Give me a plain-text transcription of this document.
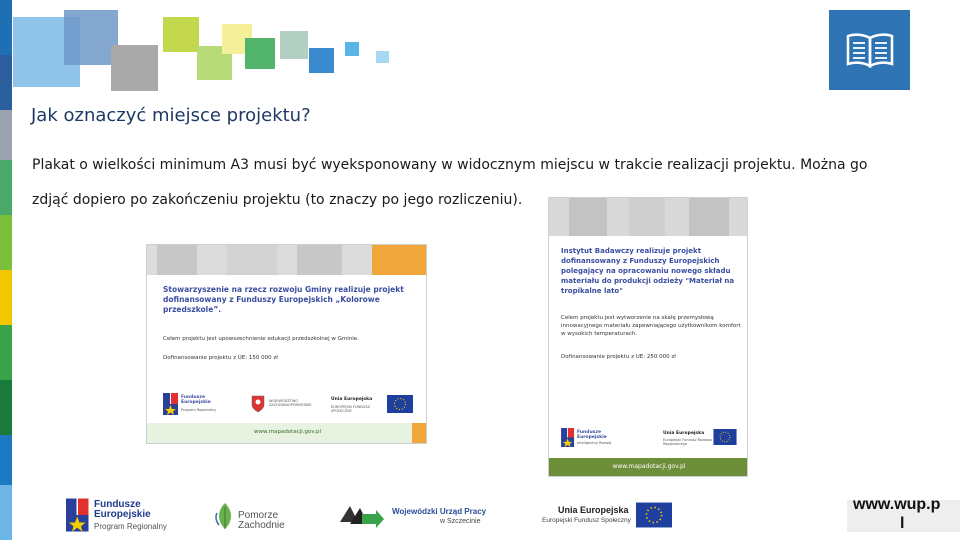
Jak oznaczyć miejsce projektu?
Plakat o wielkości minimum A3 musi być wyeksponowany w widocznym miejscu w trakcie realizacji projektu. Można go
zdjąć dopiero po zakończeniu projektu (to znaczy po jego rozliczeniu).
Stowarzyszenie na rzecz rozwoju Gminy realizuje projekt dofinansowany z Funduszy Europejskich „Kolorowe przedszkole”.
Celem projektu jest upowszechnienie edukacji przedszkolnej w Gminie.
Dofinansowanie projektu z UE: 150 000 zł
Fundusze Europejskie
Program Regionalny
WOJEWÓDZTWO ZACHODNIOPOMORSKIE
Unia Europejska
EUROPEJSKI FUNDUSZ SPOŁECZNY
www.mapadotacji.gov.pl
Instytut Badawczy realizuje projekt dofinansowany z Funduszy Europejskich polegający na opracowaniu nowego składu materiału do produkcji odzieży "Materiał na tropikalne lato"
Celem projektu jest wytworzenie na skalę przemysłową innowacyjnego materiału zapewniającego użytkownikom komfort w wysokich temperaturach.
Dofinansowanie projektu z UE: 250 000 zł
Fundusze Europejskie
Inteligentny Rozwój
Unia Europejska
Europejski Fundusz Rozwoju Regionalnego
www.mapadotacji.gov.pl
Fundusze
Europejskie
Program Regionalny
Pomorze
Zachodnie
Wojewódzki Urząd Pracy
w Szczecinie
Unia Europejska
Europejski Fundusz Społeczny
www.wup.p
l
